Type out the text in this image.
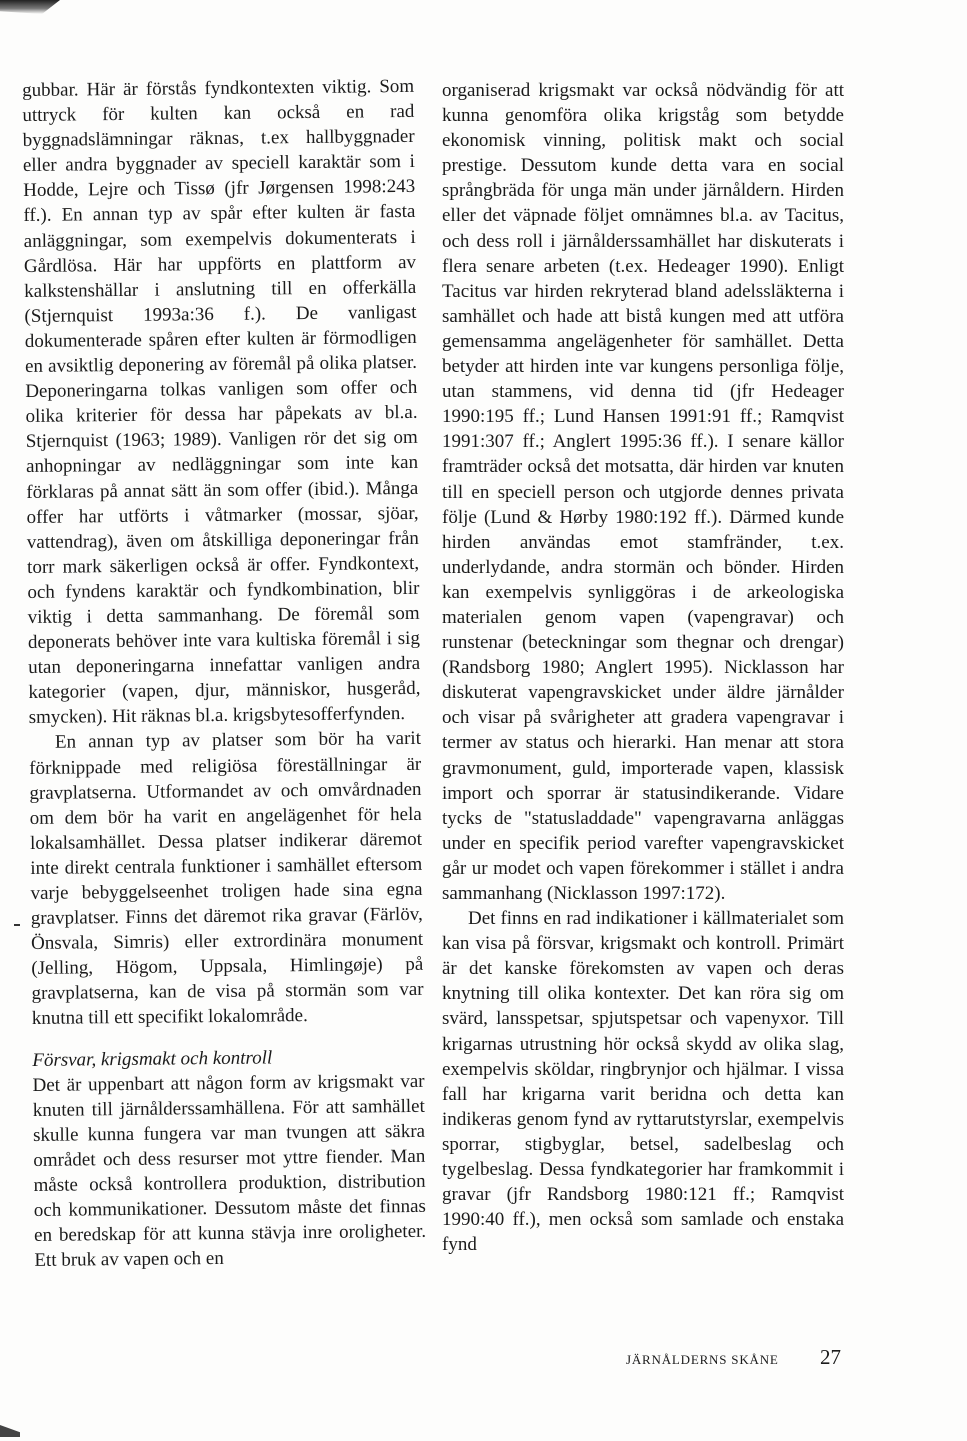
gubbar. Här är förstås fyndkontexten viktig. Som uttryck för kulten kan också en rad byggnadslämningar räknas, t.ex hallbyggnader eller andra byggnader av speciell karaktär som i Hodde, Lejre och Tissø (jfr Jørgensen 1998:243 ff.). En annan typ av spår efter kulten är fasta anläggningar, som exempelvis dokumenterats i Gårdlösa. Här har uppförts en plattform av kalkstenshällar i anslutning till en offerkälla (Stjernquist 1993a:36 f.). De vanligast dokumenterade spåren efter kulten är förmodligen en avsiktlig deponering av föremål på olika platser. Deponeringarna tolkas vanligen som offer och olika kriterier för dessa har påpekats av bl.a. Stjernquist (1963; 1989). Vanligen rör det sig om anhopningar av nedläggningar som inte kan förklaras på annat sätt än som offer (ibid.). Många offer har utförts i våtmarker (mossar, sjöar, vattendrag), även om åtskilliga deponeringar från torr mark säkerligen också är offer. Fyndkontext, och fyndens karaktär och fyndkombination, blir viktig i detta sammanhang. De föremål som deponerats behöver inte vara kultiska föremål i sig utan deponeringarna innefattar vanligen andra kategorier (vapen, djur, människor, husgeråd, smycken). Hit räknas bl.a. krigsbytesofferfynden.

En annan typ av platser som bör ha varit förknippade med religiösa föreställningar är gravplatserna. Utformandet av och omvårdnaden om dem bör ha varit en angelägenhet för hela lokalsamhället. Dessa platser indikerar däremot inte direkt centrala funktioner i samhället eftersom varje bebyggelseenhet troligen hade sina egna gravplatser. Finns det däremot rika gravar (Färlöv, Önsvala, Simris) eller extrordinära monument (Jelling, Högom, Uppsala, Himlingøje) på gravplatserna, kan de visa på stormän som var knutna till ett specifikt lokalområde.

Försvar, krigsmakt och kontroll

Det är uppenbart att någon form av krigsmakt var knuten till järnålderssamhällena. För att samhället skulle kunna fungera var man tvungen att säkra området och dess resurser mot yttre fiender. Man måste också kontrollera produktion, distribution och kommunikationer. Dessutom måste det finnas en beredskap för att kunna stävja inre oroligheter. Ett bruk av vapen och en

organiserad krigsmakt var också nödvändig för att kunna genomföra olika krigståg som betydde ekonomisk vinning, politisk makt och social prestige. Dessutom kunde detta vara en social språngbräda för unga män under järnåldern. Hirden eller det väpnade följet omnämnes bl.a. av Tacitus, och dess roll i järnålderssamhället har diskuterats i flera senare arbeten (t.ex. Hedeager 1990). Enligt Tacitus var hirden rekryterad bland adelssläkterna i samhället och hade att bistå kungen med att utföra gemensamma angelägenheter för samhället. Detta betyder att hirden inte var kungens personliga följe, utan stammens, vid denna tid (jfr Hedeager 1990:195 ff.; Lund Hansen 1991:91 ff.; Ramqvist 1991:307 ff.; Anglert 1995:36 ff.). I senare källor framträder också det motsatta, där hirden var knuten till en speciell person och utgjorde dennes privata följe (Lund & Hørby 1980:192 ff.). Därmed kunde hirden användas emot stamfränder, t.ex. underlydande, andra stormän och bönder. Hirden kan exempelvis synliggöras i de arkeologiska materialen genom vapen (vapengravar) och runstenar (beteckningar som thegnar och drengar) (Randsborg 1980; Anglert 1995). Nicklasson har diskuterat vapengravskicket under äldre järnålder och visar på svårigheter att gradera vapengravar i termer av status och hierarki. Han menar att stora gravmonument, guld, importerade vapen, klassisk import och sporrar är statusindikerande. Vidare tycks de "statusladdade" vapengravarna anläggas under en specifik period varefter vapengravskicket går ur modet och vapen förekommer i stället i andra sammanhang (Nicklasson 1997:172).

Det finns en rad indikationer i källmaterialet som kan visa på försvar, krigsmakt och kontroll. Primärt är det kanske förekomsten av vapen och deras knytning till olika kontexter. Det kan röra sig om svärd, lansspetsar, spjutspetsar och vapenyxor. Till krigarnas utrustning hör också skydd av olika slag, exempelvis sköldar, ringbrynjor och hjälmar. I vissa fall har krigarna varit beridna och detta kan indikeras genom fynd av ryttarutstyrslar, exempelvis sporrar, stigbyglar, betsel, sadelbeslag och tygelbeslag. Dessa fyndkategorier har framkommit i gravar (jfr Randsborg 1980:121 ff.; Ramqvist 1990:40 ff.), men också som samlade och enstaka fynd

JÄRNÅLDERNS SKÅNE 27
